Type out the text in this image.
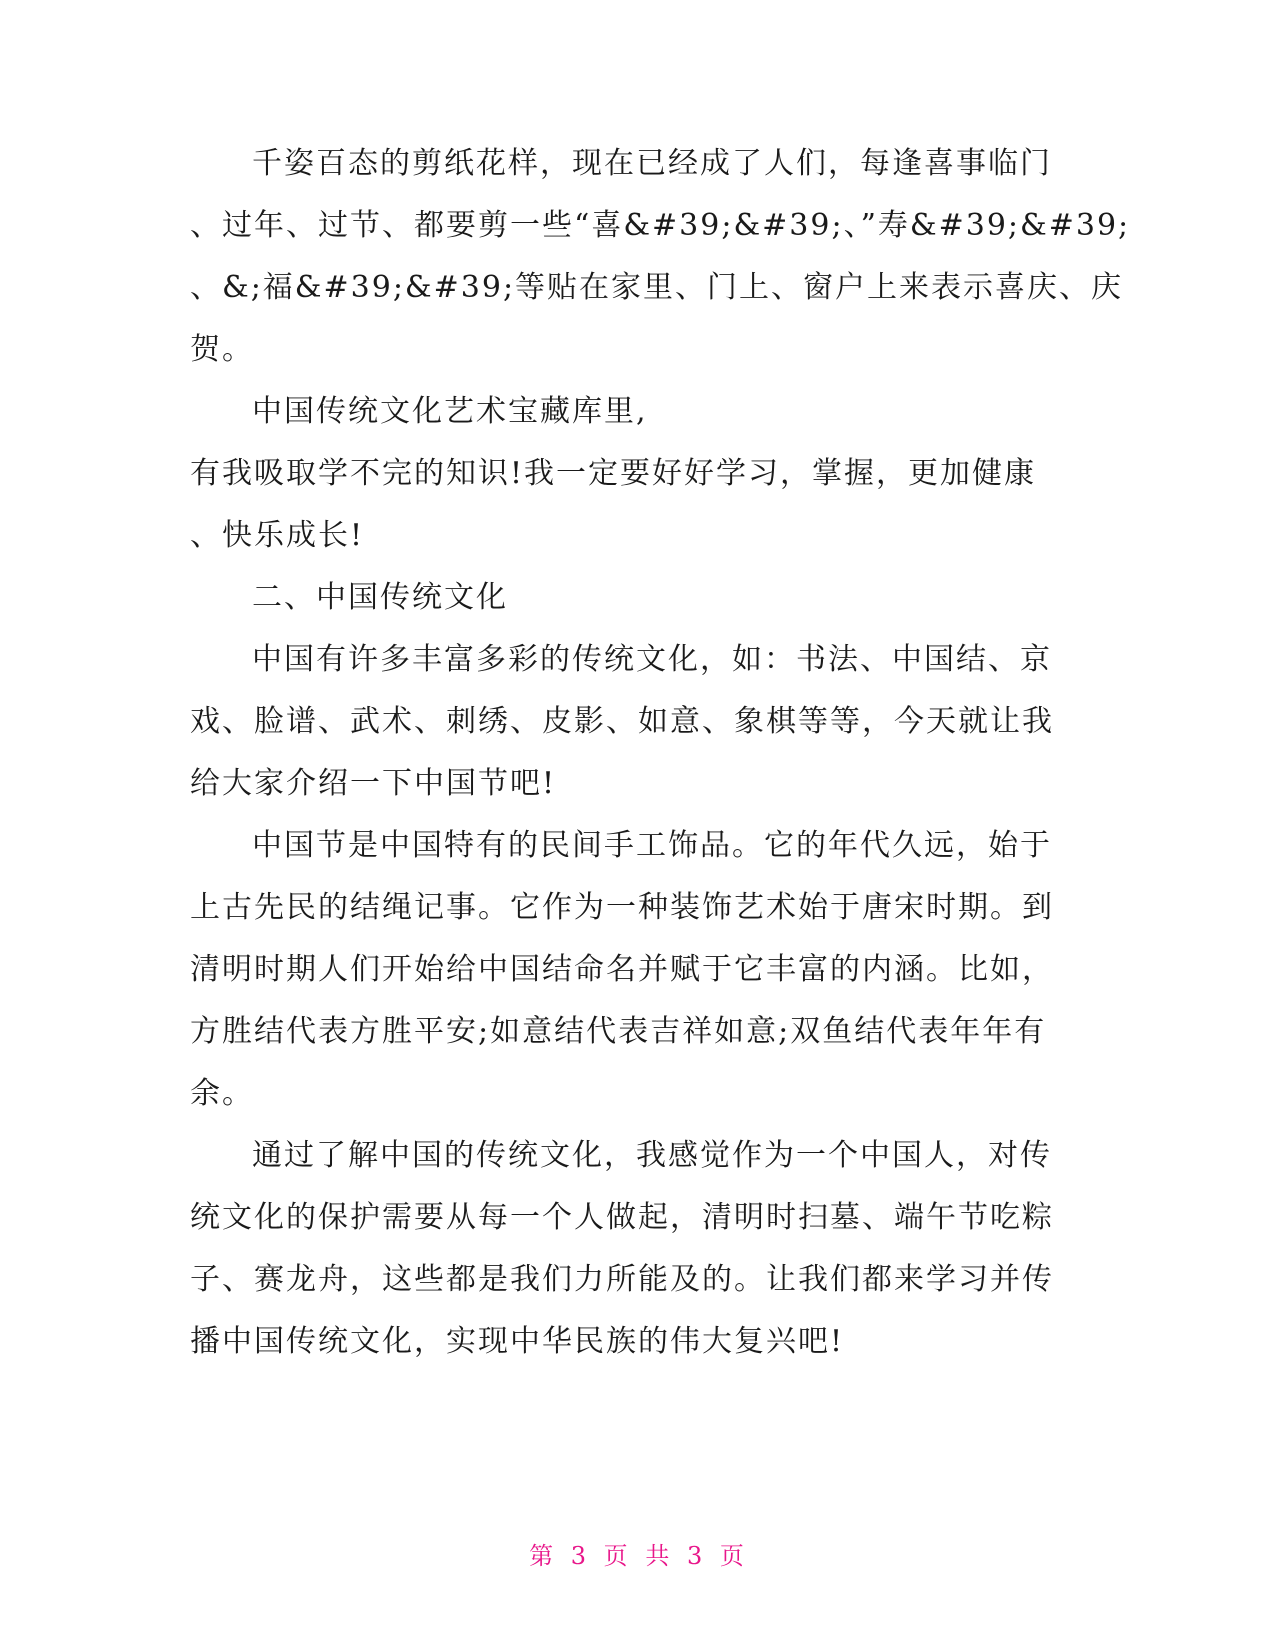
千姿百态的剪纸花样，现在已经成了人们，每逢喜事临门
、过年、过节、都要剪一些“喜&#39;&#39;、”寿&#39;&#39;
、&;福&#39;&#39;等贴在家里、门上、窗户上来表示喜庆、庆
贺。
中国传统文化艺术宝藏库里,
有我吸取学不完的知识!我一定要好好学习，掌握，更加健康
、快乐成长!
二、中国传统文化
中国有许多丰富多彩的传统文化，如：书法、中国结、京
戏、脸谱、武术、刺绣、皮影、如意、象棋等等，今天就让我
给大家介绍一下中国节吧!
中国节是中国特有的民间手工饰品。它的年代久远，始于
上古先民的结绳记事。它作为一种装饰艺术始于唐宋时期。到
清明时期人们开始给中国结命名并赋于它丰富的内涵。比如，
方胜结代表方胜平安;如意结代表吉祥如意;双鱼结代表年年有
余。
通过了解中国的传统文化，我感觉作为一个中国人，对传
统文化的保护需要从每一个人做起，清明时扫墓、端午节吃粽
子、赛龙舟，这些都是我们力所能及的。让我们都来学习并传
播中国传统文化，实现中华民族的伟大复兴吧!
第 3 页 共 3 页
